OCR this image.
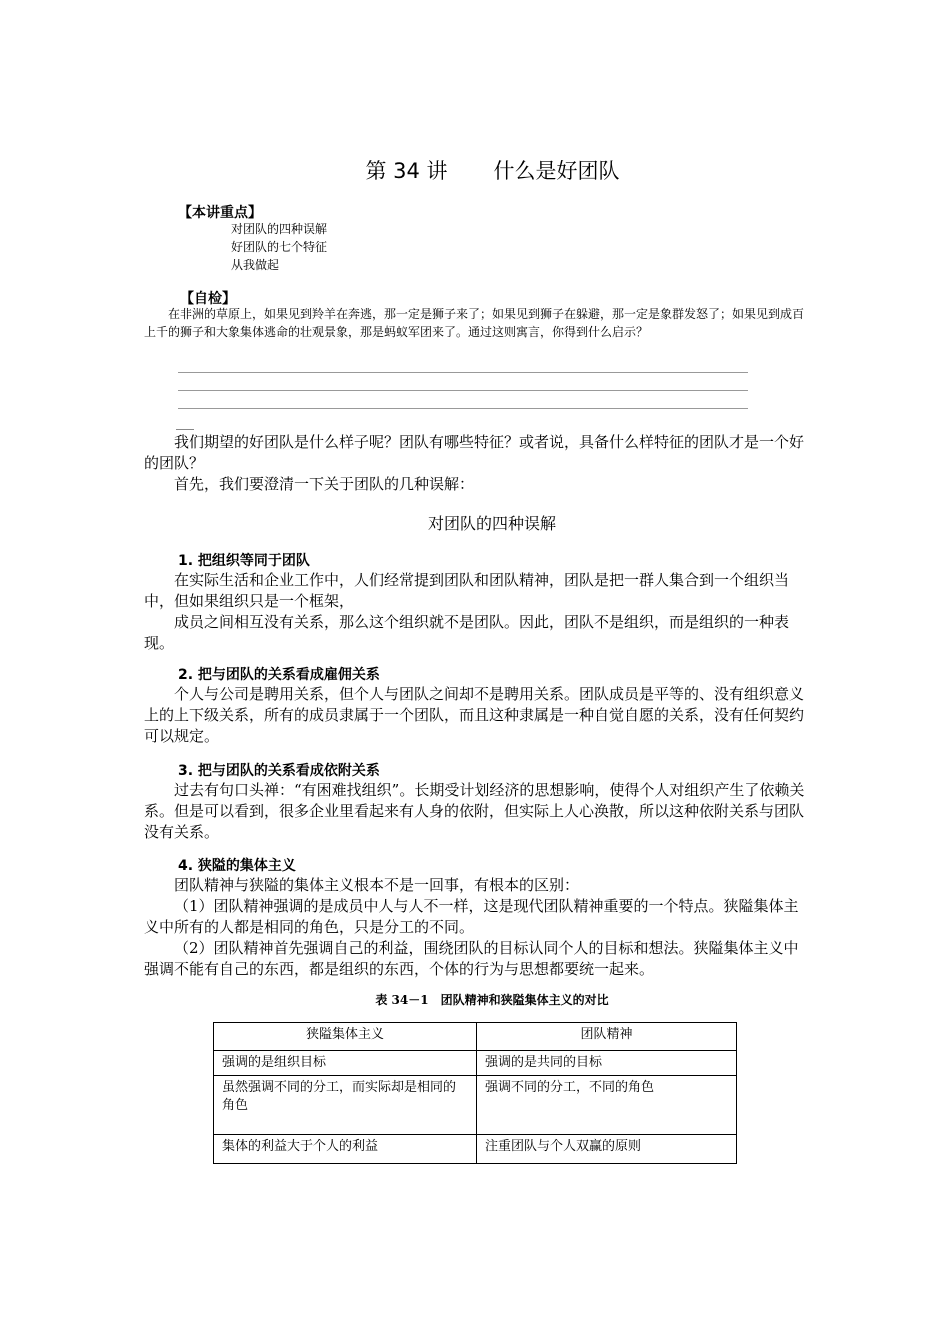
第 34 讲 什么是好团队
【本讲重点】
对团队的四种误解
好团队的七个特征
从我做起
【自检】
在非洲的草原上，如果见到羚羊在奔逃，那一定是狮子来了；如果见到狮子在躲避，那一定是象群发怒了；如果见到成百上千的狮子和大象集体逃命的壮观景象，那是蚂蚁军团来了。通过这则寓言，你得到什么启示？
___
我们期望的好团队是什么样子呢？团队有哪些特征？或者说，具备什么样特征的团队才是一个好的团队？
首先，我们要澄清一下关于团队的几种误解：
对团队的四种误解
1. 把组织等同于团队
在实际生活和企业工作中，人们经常提到团队和团队精神，团队是把一群人集合到一个组织当中，但如果组织只是一个框架，
成员之间相互没有关系，那么这个组织就不是团队。因此，团队不是组织，而是组织的一种表现。
2. 把与团队的关系看成雇佣关系
个人与公司是聘用关系，但个人与团队之间却不是聘用关系。团队成员是平等的、没有组织意义上的上下级关系，所有的成员隶属于一个团队，而且这种隶属是一种自觉自愿的关系，没有任何契约可以规定。
3. 把与团队的关系看成依附关系
过去有句口头禅：“有困难找组织”。长期受计划经济的思想影响，使得个人对组织产生了依赖关系。但是可以看到，很多企业里看起来有人身的依附，但实际上人心涣散，所以这种依附关系与团队没有关系。
4. 狭隘的集体主义
团队精神与狭隘的集体主义根本不是一回事，有根本的区别：
（1）团队精神强调的是成员中人与人不一样，这是现代团队精神重要的一个特点。狭隘集体主义中所有的人都是相同的角色，只是分工的不同。
（2）团队精神首先强调自己的利益，围绕团队的目标认同个人的目标和想法。狭隘集体主义中强调不能有自己的东西，都是组织的东西，个体的行为与思想都要统一起来。
表 34－1　团队精神和狭隘集体主义的对比
狭隘集体主义	团队精神
强调的是组织目标	强调的是共同的目标
虽然强调不同的分工，而实际却是相同的角色	强调不同的分工，不同的角色
集体的利益大于个人的利益	注重团队与个人双赢的原则
